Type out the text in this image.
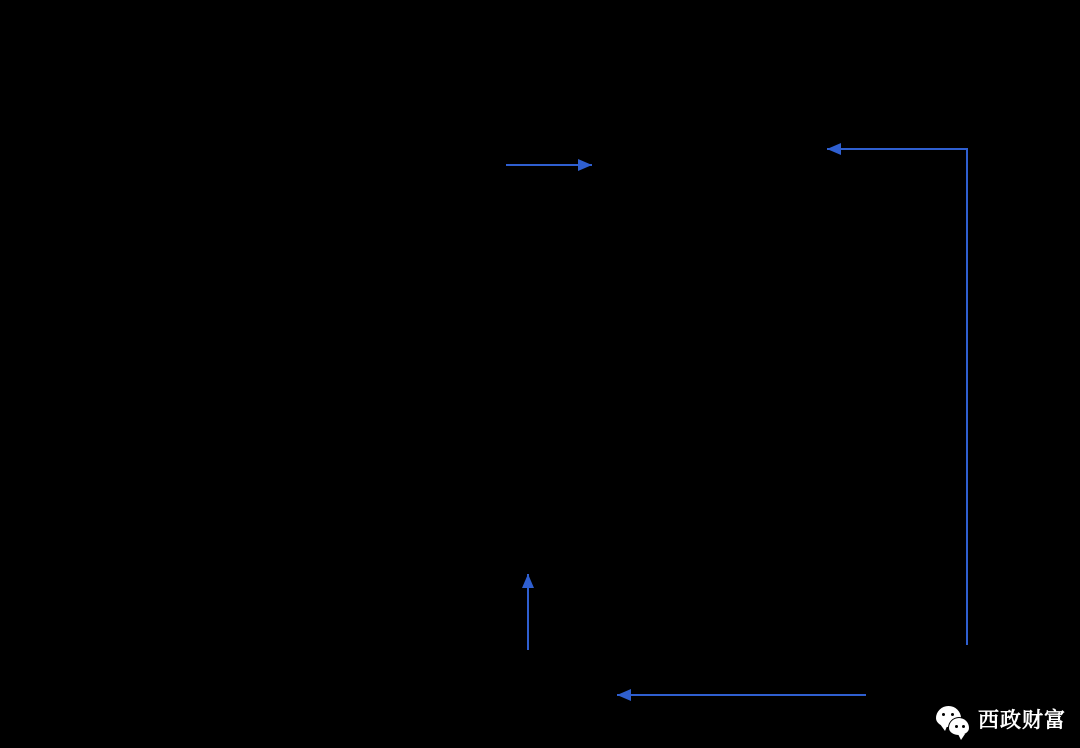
西政财富
